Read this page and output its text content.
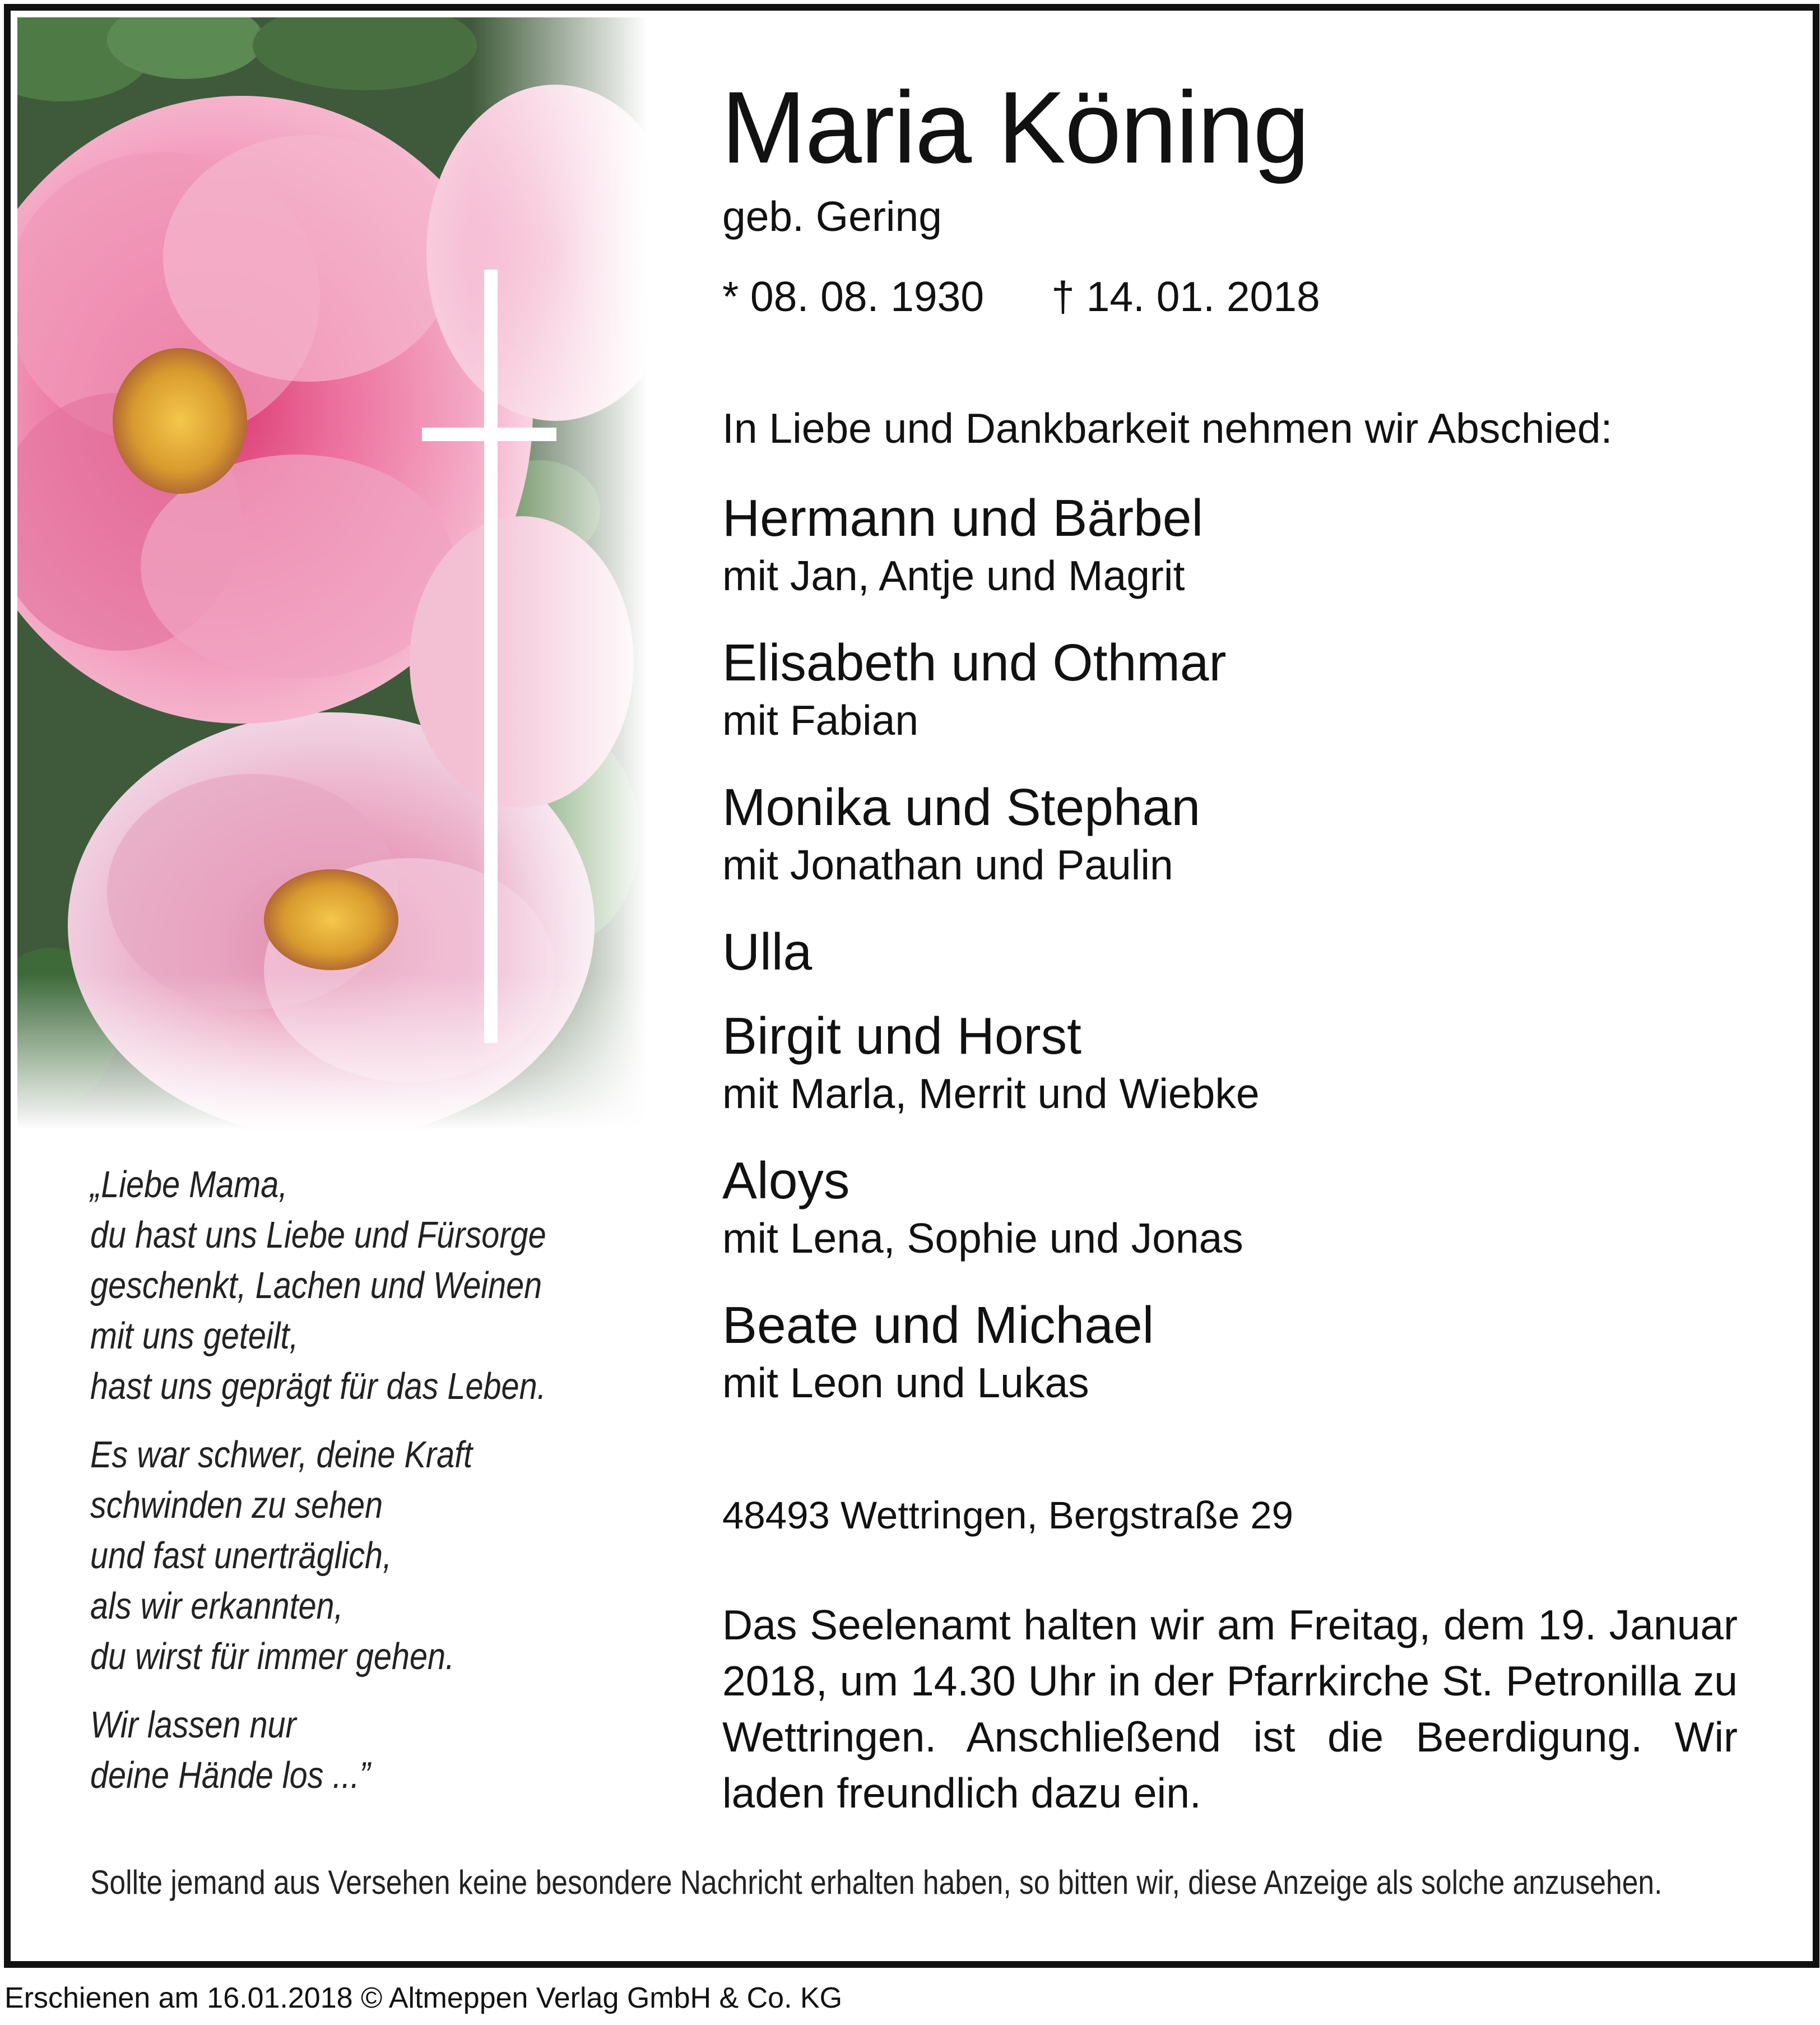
„Liebe Mama,
du hast uns Liebe und Fürsorge
geschenkt, Lachen und Weinen
mit uns geteilt,
hast uns geprägt für das Leben.

Es war schwer, deine Kraft
schwinden zu sehen
und fast unerträglich,
als wir erkannten,
du wirst für immer gehen.

Wir lassen nur
deine Hände los ...”

Maria Köning
geb. Gering
* 08. 08. 1930 † 14. 01. 2018
In Liebe und Dankbarkeit nehmen wir Abschied:
Hermann und Bärbel
mit Jan, Antje und Magrit
Elisabeth und Othmar
mit Fabian
Monika und Stephan
mit Jonathan und Paulin
Ulla
Birgit und Horst
mit Marla, Merrit und Wiebke
Aloys
mit Lena, Sophie und Jonas
Beate und Michael
mit Leon und Lukas
48493 Wettringen, Bergstraße 29
Das Seelenamt halten wir am Freitag, dem 19. Januar 2018, um 14.30 Uhr in der Pfarrkirche St. Petronilla zu Wettringen. Anschließend ist die Beerdigung. Wir laden freundlich dazu ein.
Sollte jemand aus Versehen keine besondere Nachricht erhalten haben, so bitten wir, diese Anzeige als solche anzusehen.
Erschienen am 16.01.2018 © Altmeppen Verlag GmbH & Co. KG
